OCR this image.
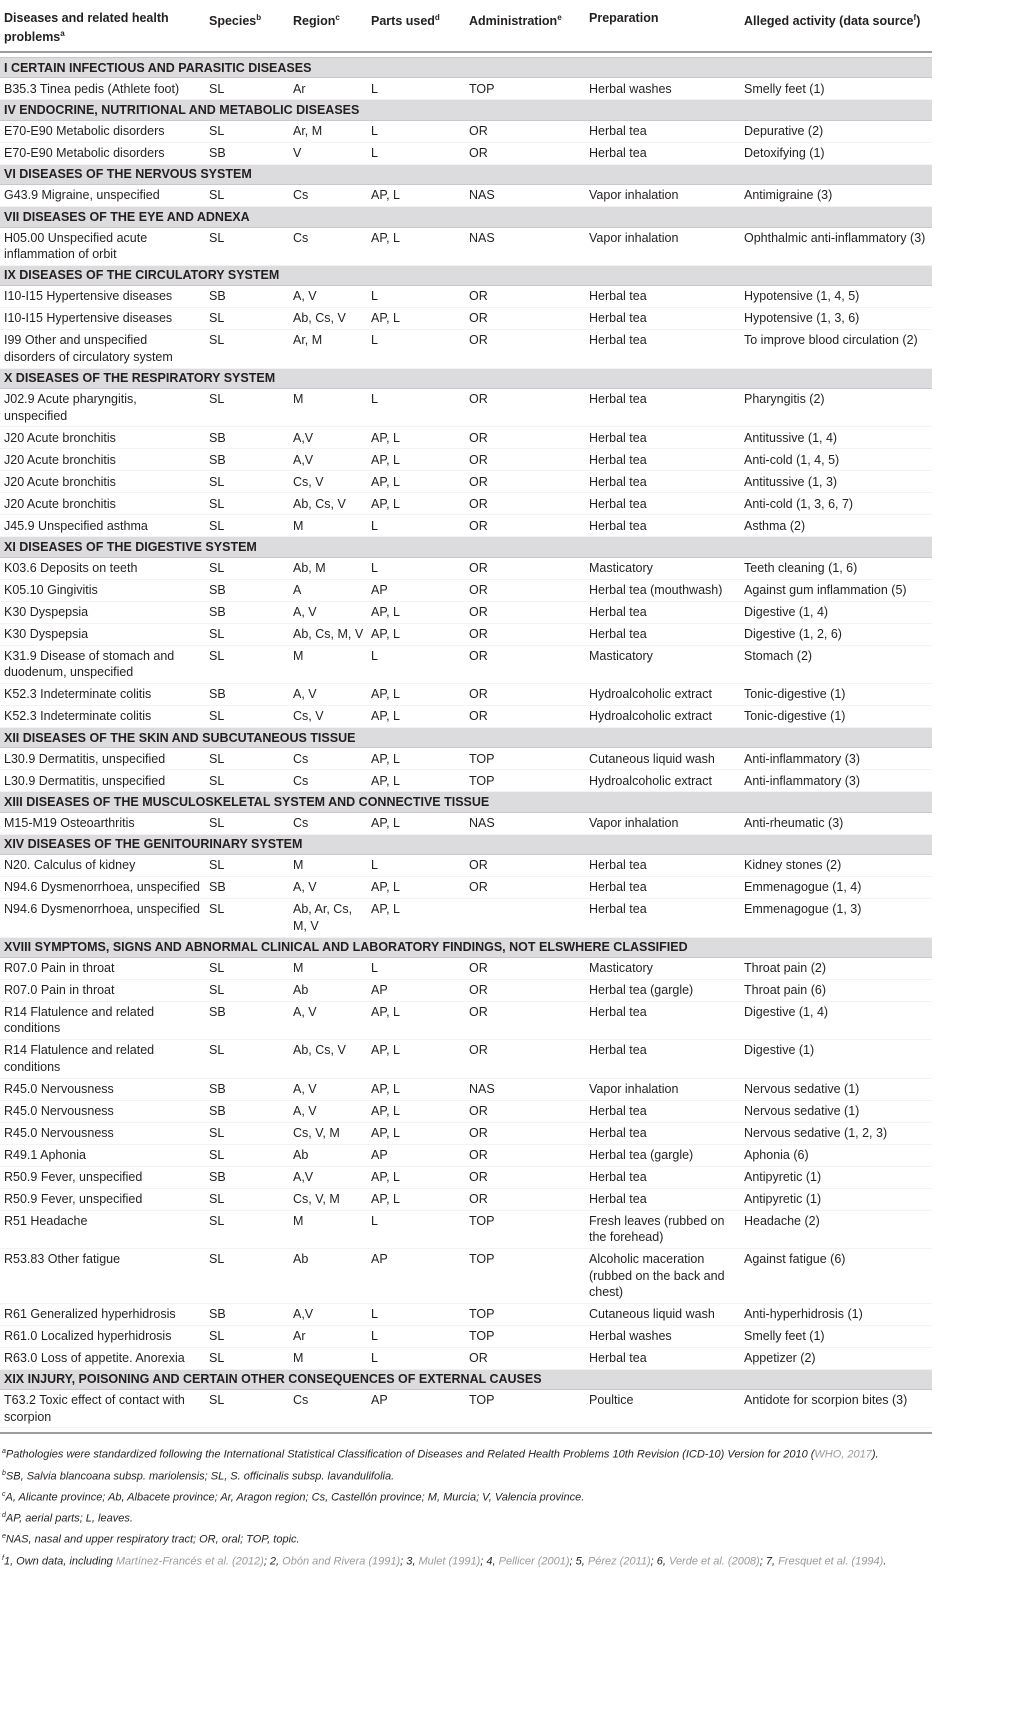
Diseases and related health problems$^a$	Species$^b$	Region$^c$	Parts used$^d$	Administration$^e$	Preparation	Alleged activity (data source$^f$)

I CERTAIN INFECTIOUS AND PARASITIC DISEASES						
B35.3 Tinea pedis (Athlete foot)	SL	Ar	L	TOP	Herbal washes	Smelly feet (1)
IV ENDOCRINE, NUTRITIONAL AND METABOLIC DISEASES						
E70-E90 Metabolic disorders	SL	Ar, M	L	OR	Herbal tea	Depurative (2)
E70-E90 Metabolic disorders	SB	V	L	OR	Herbal tea	Detoxifying (1)
VI DISEASES OF THE NERVOUS SYSTEM						
G43.9 Migraine, unspecified	SL	Cs	AP, L	NAS	Vapor inhalation	Antimigraine (3)
VII DISEASES OF THE EYE AND ADNEXA						
H05.00 Unspecified acute inflammation of orbit	SL	Cs	AP, L	NAS	Vapor inhalation	Ophthalmic anti-inflammatory (3)
IX DISEASES OF THE CIRCULATORY SYSTEM						
I10-I15 Hypertensive diseases	SB	A, V	L	OR	Herbal tea	Hypotensive (1, 4, 5)
I10-I15 Hypertensive diseases	SL	Ab, Cs, V	AP, L	OR	Herbal tea	Hypotensive (1, 3, 6)
I99 Other and unspecified disorders of circulatory system	SL	Ar, M	L	OR	Herbal tea	To improve blood circulation (2)
X DISEASES OF THE RESPIRATORY SYSTEM						
J02.9 Acute pharyngitis, unspecified	SL	M	L	OR	Herbal tea	Pharyngitis (2)
J20 Acute bronchitis	SB	A,V	AP, L	OR	Herbal tea	Antitussive (1, 4)
J20 Acute bronchitis	SB	A,V	AP, L	OR	Herbal tea	Anti-cold (1, 4, 5)
J20 Acute bronchitis	SL	Cs, V	AP, L	OR	Herbal tea	Antitussive (1, 3)
J20 Acute bronchitis	SL	Ab, Cs, V	AP, L	OR	Herbal tea	Anti-cold (1, 3, 6, 7)
J45.9 Unspecified asthma	SL	M	L	OR	Herbal tea	Asthma (2)
XI DISEASES OF THE DIGESTIVE SYSTEM						
K03.6 Deposits on teeth	SL	Ab, M	L	OR	Masticatory	Teeth cleaning (1, 6)
K05.10 Gingivitis	SB	A	AP	OR	Herbal tea (mouthwash)	Against gum inflammation (5)
K30 Dyspepsia	SB	A, V	AP, L	OR	Herbal tea	Digestive (1, 4)
K30 Dyspepsia	SL	Ab, Cs, M, V	AP, L	OR	Herbal tea	Digestive (1, 2, 6)
K31.9 Disease of stomach and duodenum, unspecified	SL	M	L	OR	Masticatory	Stomach (2)
K52.3 Indeterminate colitis	SB	A, V	AP, L	OR	Hydroalcoholic extract	Tonic-digestive (1)
K52.3 Indeterminate colitis	SL	Cs, V	AP, L	OR	Hydroalcoholic extract	Tonic-digestive (1)
XII DISEASES OF THE SKIN AND SUBCUTANEOUS TISSUE						
L30.9 Dermatitis, unspecified	SL	Cs	AP, L	TOP	Cutaneous liquid wash	Anti-inflammatory (3)
L30.9 Dermatitis, unspecified	SL	Cs	AP, L	TOP	Hydroalcoholic extract	Anti-inflammatory (3)
XIII DISEASES OF THE MUSCULOSKELETAL SYSTEM AND CONNECTIVE TISSUE						
M15-M19 Osteoarthritis	SL	Cs	AP, L	NAS	Vapor inhalation	Anti-rheumatic (3)
XIV DISEASES OF THE GENITOURINARY SYSTEM						
N20. Calculus of kidney	SL	M	L	OR	Herbal tea	Kidney stones (2)
N94.6 Dysmenorrhoea, unspecified	SB	A, V	AP, L	OR	Herbal tea	Emmenagogue (1, 4)
N94.6 Dysmenorrhoea, unspecified	SL	Ab, Ar, Cs, M, V	AP, L		Herbal tea	Emmenagogue (1, 3)
XVIII SYMPTOMS, SIGNS AND ABNORMAL CLINICAL AND LABORATORY FINDINGS, NOT ELSWHERE CLASSIFIED						
R07.0 Pain in throat	SL	M	L	OR	Masticatory	Throat pain (2)
R07.0 Pain in throat	SL	Ab	AP	OR	Herbal tea (gargle)	Throat pain (6)
R14 Flatulence and related conditions	SB	A, V	AP, L	OR	Herbal tea	Digestive (1, 4)
R14 Flatulence and related conditions	SL	Ab, Cs, V	AP, L	OR	Herbal tea	Digestive (1)
R45.0 Nervousness	SB	A, V	AP, L	NAS	Vapor inhalation	Nervous sedative (1)
R45.0 Nervousness	SB	A, V	AP, L	OR	Herbal tea	Nervous sedative (1)
R45.0 Nervousness	SL	Cs, V, M	AP, L	OR	Herbal tea	Nervous sedative (1, 2, 3)
R49.1 Aphonia	SL	Ab	AP	OR	Herbal tea (gargle)	Aphonia (6)
R50.9 Fever, unspecified	SB	A,V	AP, L	OR	Herbal tea	Antipyretic (1)
R50.9 Fever, unspecified	SL	Cs, V, M	AP, L	OR	Herbal tea	Antipyretic (1)
R51 Headache	SL	M	L	TOP	Fresh leaves (rubbed on the forehead)	Headache (2)
R53.83 Other fatigue	SL	Ab	AP	TOP	Alcoholic maceration (rubbed on the back and chest)	Against fatigue (6)
R61 Generalized hyperhidrosis	SB	A,V	L	TOP	Cutaneous liquid wash	Anti-hyperhidrosis (1)
R61.0 Localized hyperhidrosis	SL	Ar	L	TOP	Herbal washes	Smelly feet (1)
R63.0 Loss of appetite. Anorexia	SL	M	L	OR	Herbal tea	Appetizer (2)
XIX INJURY, POISONING AND CERTAIN OTHER CONSEQUENCES OF EXTERNAL CAUSES						
T63.2 Toxic effect of contact with scorpion	SL	Cs	AP	TOP	Poultice	Antidote for scorpion bites (3)

$^a$Pathologies were standardized following the International Statistical Classification of Diseases and Related Health Problems 10th Revision (ICD-10) Version for 2010 (WHO, 2017).

$^b$SB, Salvia blancoana subsp. mariolensis; SL, S. officinalis subsp. lavandulifolia.

$^c$A, Alicante province; Ab, Albacete province; Ar, Aragon region; Cs, Castellón province; M, Murcia; V, Valencia province.

$^d$AP, aerial parts; L, leaves.

$^e$NAS, nasal and upper respiratory tract; OR, oral; TOP, topic.

$^f$1, Own data, including Martínez-Francés et al. (2012); 2, Obón and Rivera (1991); 3, Mulet (1991); 4, Pellicer (2001); 5, Pérez (2011); 6, Verde et al. (2008); 7, Fresquet et al. (1994).
